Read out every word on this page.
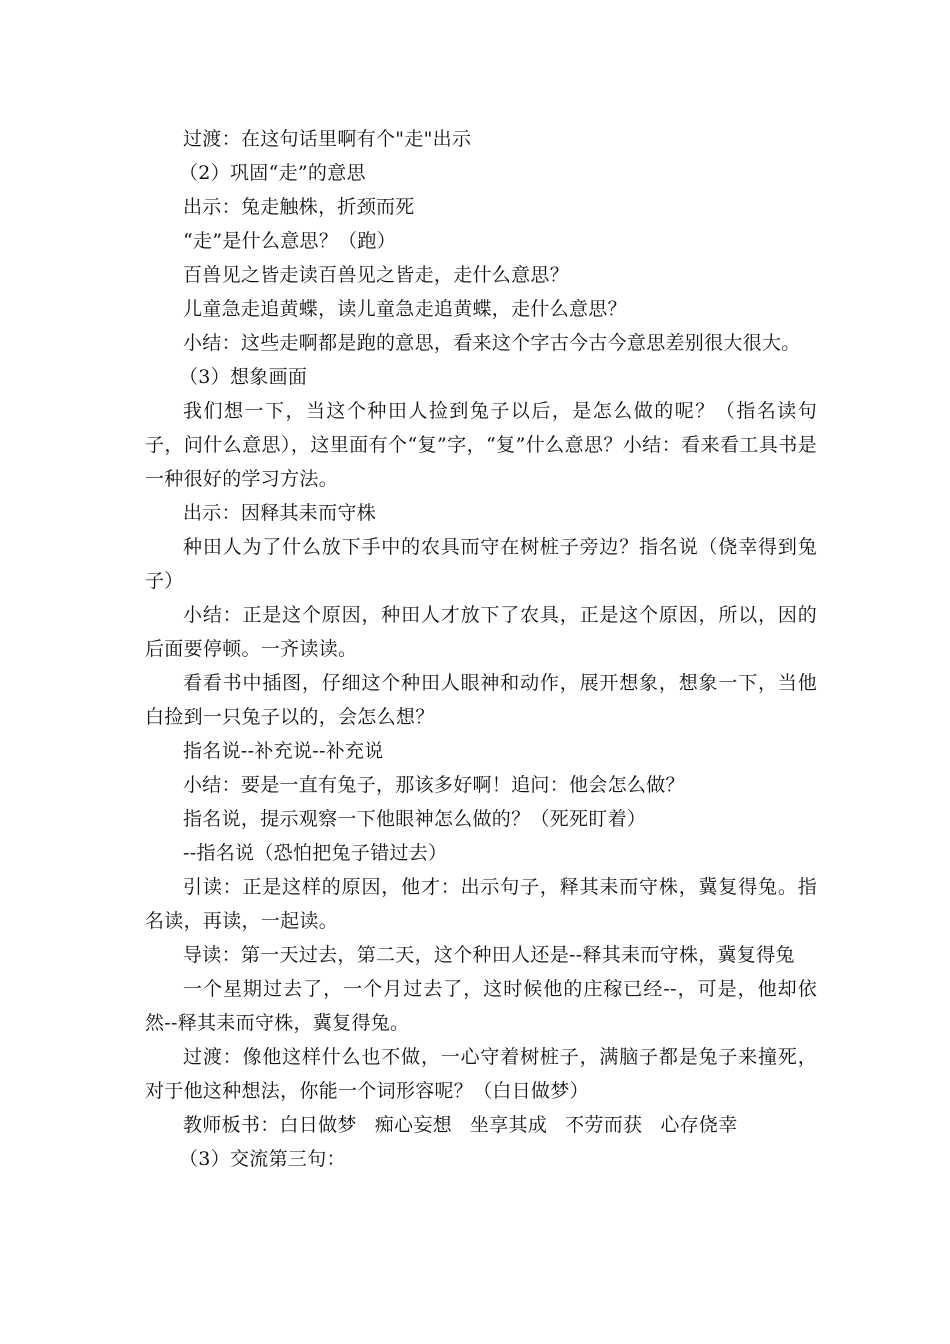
过渡：在这句话里啊有个"走"出示

（2）巩固“走”的意思

出示：兔走触株，折颈而死

“走”是什么意思？（跑）

百兽见之皆走读百兽见之皆走，走什么意思？

儿童急走追黄蝶，读儿童急走追黄蝶，走什么意思？

小结：这些走啊都是跑的意思，看来这个字古今古今意思差别很大很大。

（3）想象画面

我们想一下，当这个种田人捡到兔子以后，是怎么做的呢？（指名读句子，问什么意思），这里面有个“复”字，“复”什么意思？小结：看来看工具书是一种很好的学习方法。

出示：因释其耒而守株

种田人为了什么放下手中的农具而守在树桩子旁边？指名说（侥幸得到兔子）

小结：正是这个原因，种田人才放下了农具，正是这个原因，所以，因的后面要停顿。一齐读读。

看看书中插图，仔细这个种田人眼神和动作，展开想象，想象一下，当他白捡到一只兔子以的，会怎么想？

指名说--补充说--补充说

小结：要是一直有兔子，那该多好啊！追问：他会怎么做？

指名说，提示观察一下他眼神怎么做的？（死死盯着）

--指名说（恐怕把兔子错过去）

引读：正是这样的原因，他才：出示句子，释其耒而守株，冀复得兔。指名读，再读，一起读。

导读：第一天过去，第二天，这个种田人还是--释其耒而守株，冀复得兔

一个星期过去了，一个月过去了，这时候他的庄稼已经--，可是，他却依然--释其耒而守株，冀复得兔。

过渡：像他这样什么也不做，一心守着树桩子，满脑子都是兔子来撞死，对于他这种想法，你能一个词形容呢？（白日做梦）

教师板书：白日做梦 痴心妄想 坐享其成 不劳而获 心存侥幸

（3）交流第三句：
